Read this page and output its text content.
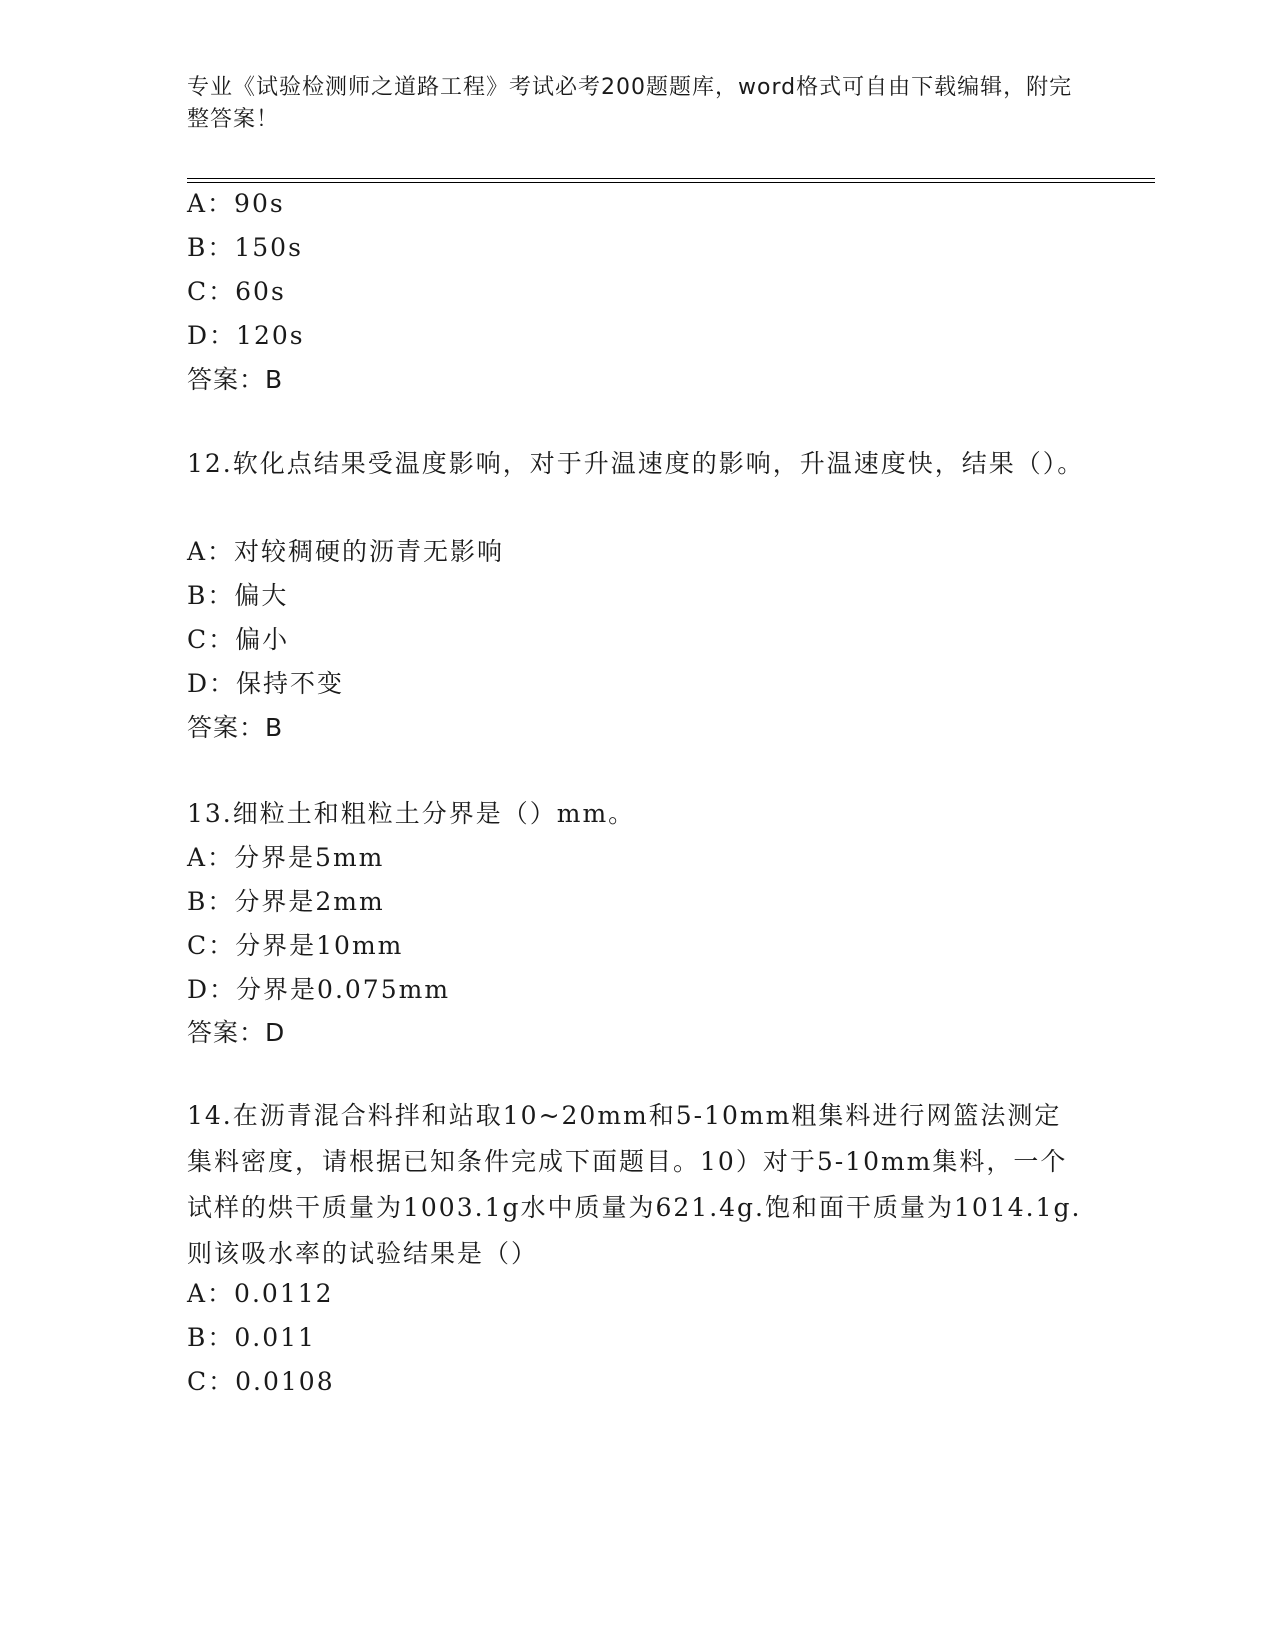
专业《试验检测师之道路工程》考试必考200题题库，word格式可自由下载编辑，附完整答案！
A：90s
B：150s
C：60s
D：120s
答案：B
12.软化点结果受温度影响，对于升温速度的影响，升温速度快，结果（）。
A：对较稠硬的沥青无影响
B：偏大
C：偏小
D：保持不变
答案：B
13.细粒土和粗粒土分界是（）mm。
A：分界是5mm
B：分界是2mm
C：分界是10mm
D：分界是0.075mm
答案：D
14.在沥青混合料拌和站取10~20mm和5-10mm粗集料进行网篮法测定集料密度，请根据已知条件完成下面题目。10）对于5-10mm集料，一个试样的烘干质量为1003.1g水中质量为621.4g.饱和面干质量为1014.1g.则该吸水率的试验结果是（）
A：0.0112
B：0.011
C：0.0108
